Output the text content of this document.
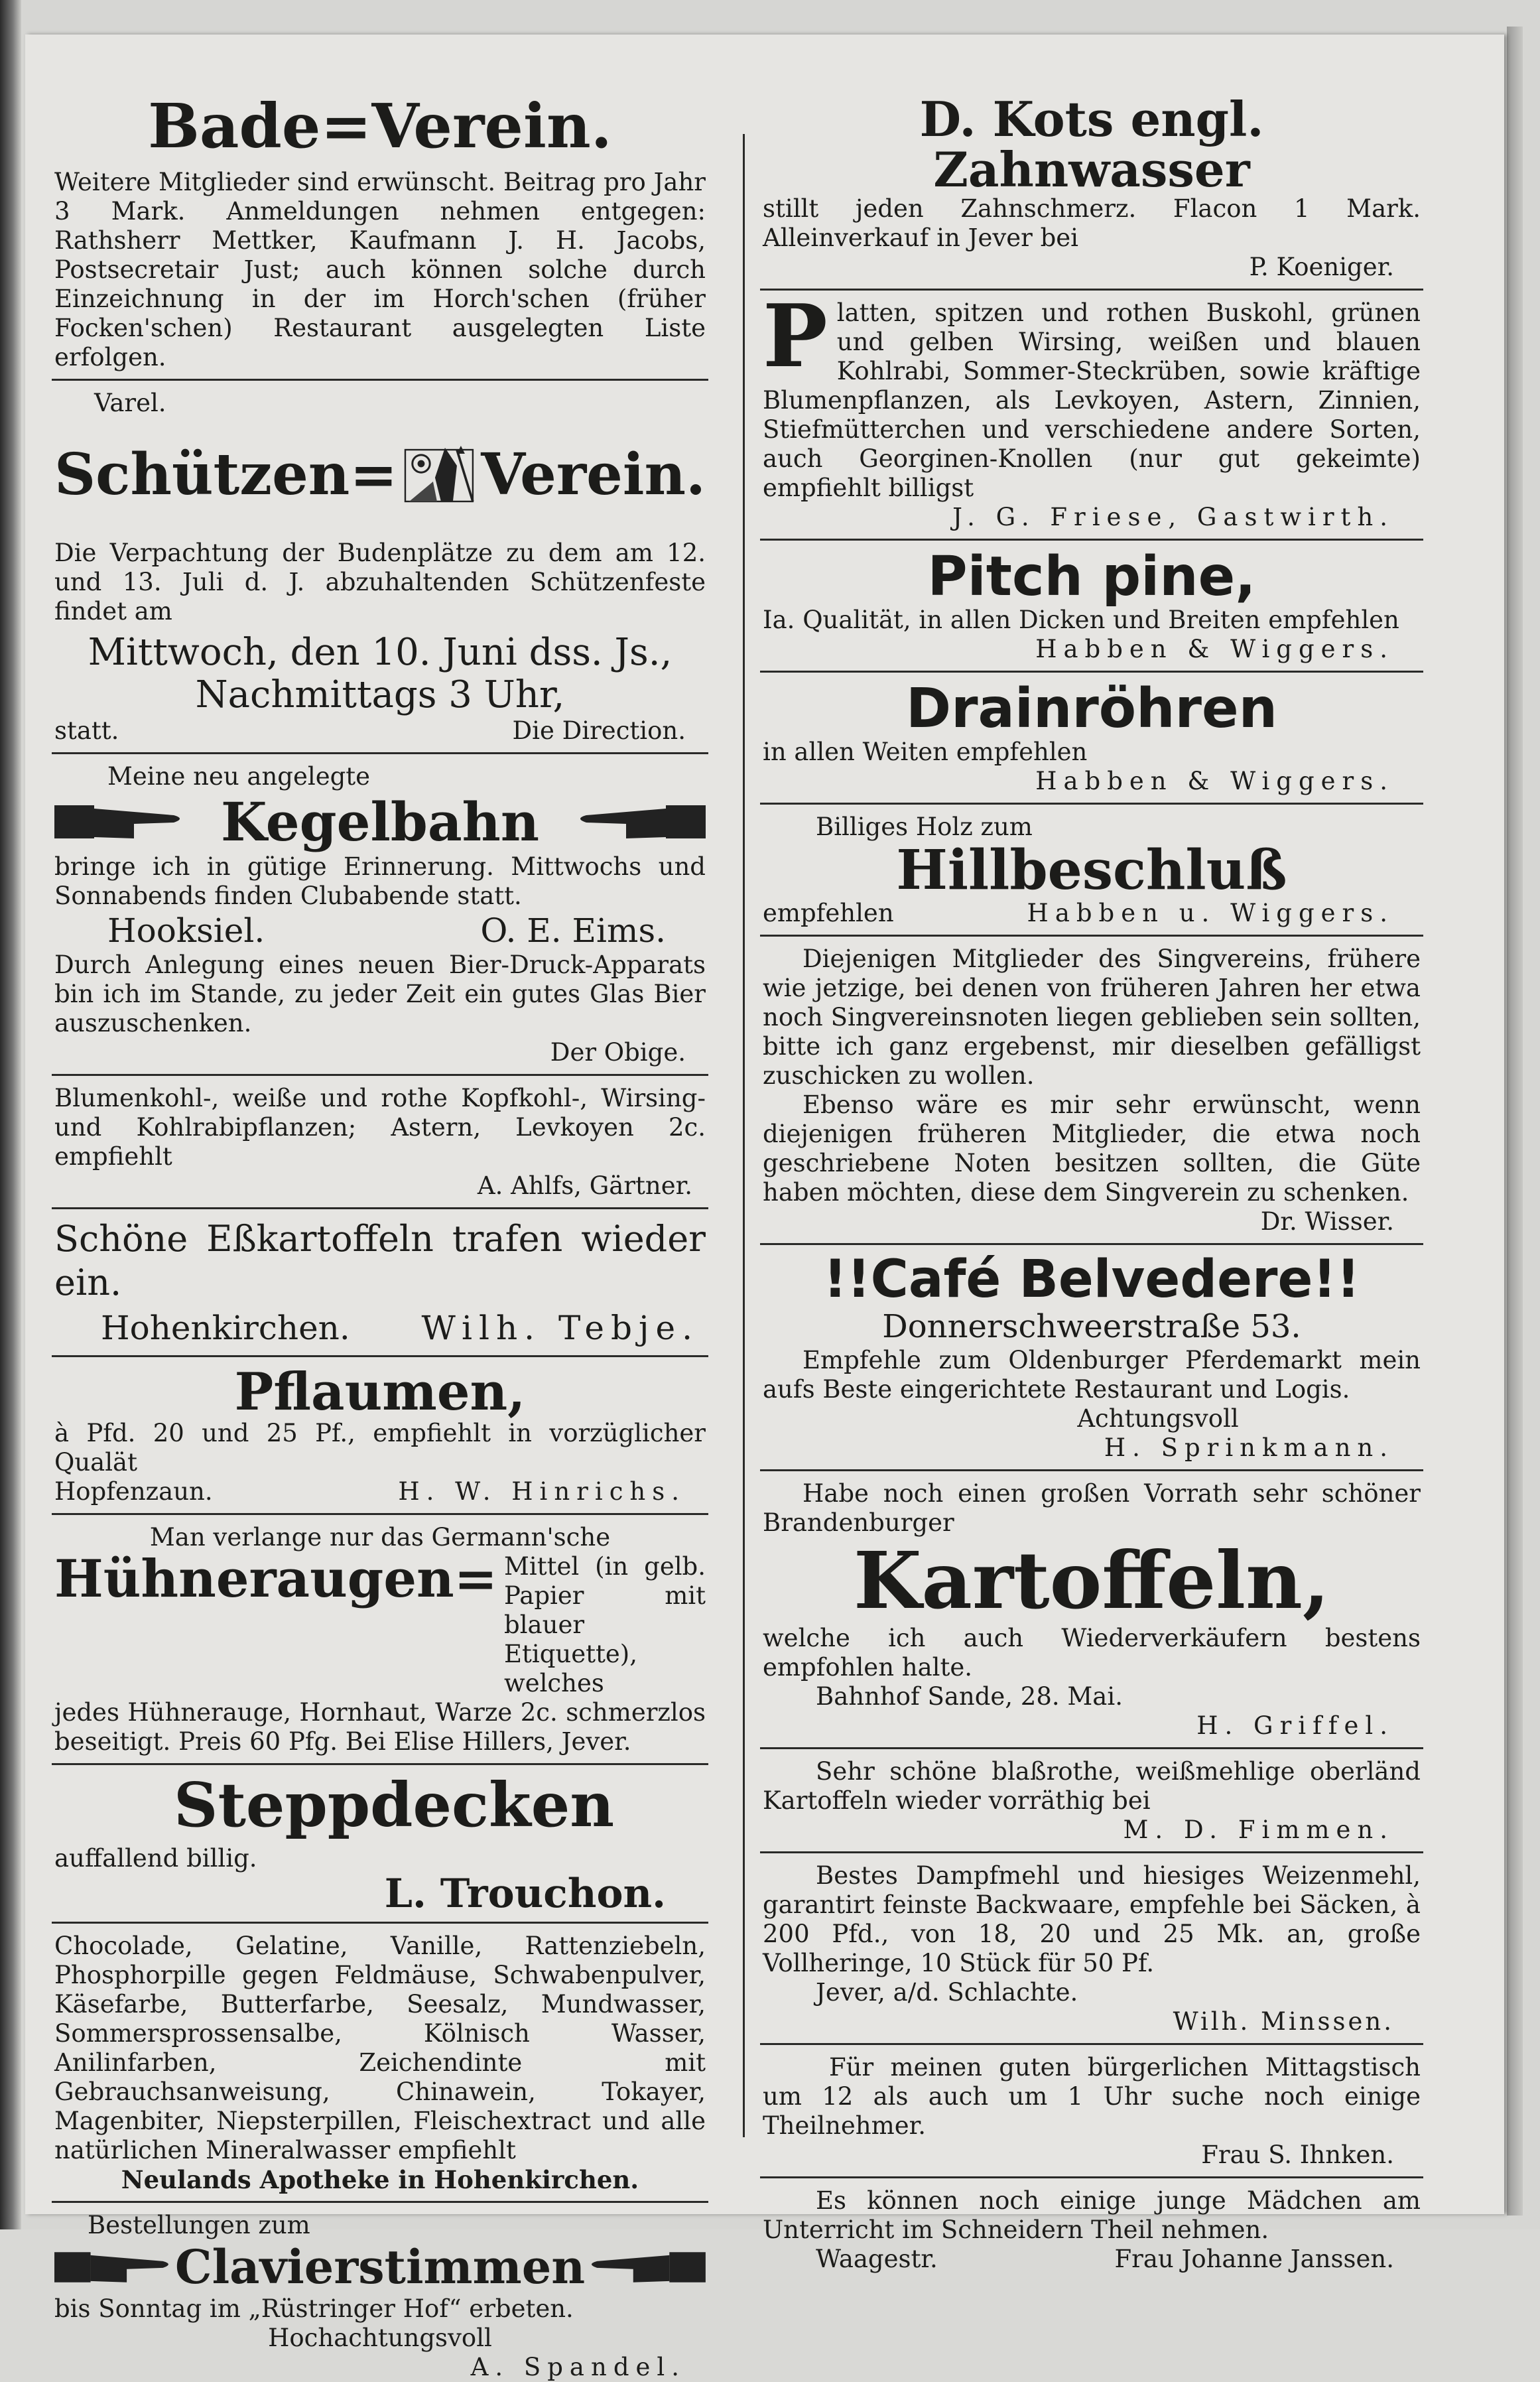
Bade=Verein.

Weitere Mitglieder sind erwünscht. Beitrag pro Jahr 3 Mark. Anmeldungen nehmen entgegen: Rathsherr Mettker, Kaufmann J. H. Jacobs, Postsecretair Just; auch können solche durch Einzeichnung in der im Horch'schen (früher Focken'schen) Restaurant ausgelegten Liste erfolgen.

Varel.
Schützen= Verein.

Die Verpachtung der Budenplätze zu dem am 12. und 13. Juli d. J. abzuhaltenden Schützenfeste findet am

Mittwoch, den 10. Juni dss. Js.,
Nachmittags 3 Uhr,
statt.	Die Direction.
Meine neu angelegte
Kegelbahn

bringe ich in gütige Erinnerung. Mittwochs und Sonnabends finden Clubabende statt.

Hooksiel.	O. E. Eims.

Durch Anlegung eines neuen Bier-Druck-Apparats bin ich im Stande, zu jeder Zeit ein gutes Glas Bier auszuschenken.

Der Obige.

Blumenkohl-, weiße und rothe Kopfkohl-, Wirsing- und Kohlrabipflanzen; Astern, Levkoyen 2c. empfiehlt

A. Ahlfs, Gärtner.
Schöne Eßkartoffeln trafen wieder ein.
Hohenkirchen. Wilh. Tebje.
Pflaumen,

à Pfd. 20 und 25 Pf., empfiehlt in vorzüglicher Qualät

Hopfenzaun.	H. W. Hinrichs.
Man verlange nur das Germann'sche
Hühneraugen= Mittel (in gelb. Papier mit blauer Etiquette), welches

jedes Hühnerauge, Hornhaut, Warze 2c. schmerzlos beseitigt. Preis 60 Pfg. Bei Elise Hillers, Jever.

Steppdecken

auffallend billig.

L. Trouchon.

Chocolade, Gelatine, Vanille, Rattenziebeln, Phosphorpille gegen Feldmäuse, Schwabenpulver, Käsefarbe, Butterfarbe, Seesalz, Mundwasser, Sommersprossensalbe, Kölnisch Wasser, Anilinfarben, Zeichendinte mit Gebrauchsanweisung, Chinawein, Tokayer, Magenbiter, Niepsterpillen, Fleischextract und alle natürlichen Mineralwasser empfiehlt

Neulands Apotheke in Hohenkirchen.
Bestellungen zum
Clavierstimmen

bis Sonntag im „Rüstringer Hof“ erbeten.

Hochachtungsvoll
A. Spandel.
D. Kots engl. Zahnwasser

stillt jeden Zahnschmerz. Flacon 1 Mark. Alleinverkauf in Jever bei

P. Koeniger.
P latten, spitzen und rothen Buskohl, grünen und gelben Wirsing, weißen und blauen Kohlrabi, Sommer-Steckrüben, sowie kräftige Blumenpflanzen, als Levkoyen, Astern, Zinnien, Stiefmütterchen und verschiedene andere Sorten, auch Georginen-Knollen (nur gut gekeimte) empfiehlt billigst

J. G. Friese, Gastwirth.
Pitch pine,

Ia. Qualität, in allen Dicken und Breiten empfehlen

Habben & Wiggers.
Drainröhren

in allen Weiten empfehlen

Habben & Wiggers.
Billiges Holz zum
Hillbeschluß
empfehlen	Habben u. Wiggers.

Diejenigen Mitglieder des Singvereins, frühere wie jetzige, bei denen von früheren Jahren her etwa noch Singvereinsnoten liegen geblieben sein sollten, bitte ich ganz ergebenst, mir dieselben gefälligst zuschicken zu wollen.

Ebenso wäre es mir sehr erwünscht, wenn diejenigen früheren Mitglieder, die etwa noch geschriebene Noten besitzen sollten, die Güte haben möchten, diese dem Singverein zu schenken.

Dr. Wisser.
!!Café Belvedere!!
Donnerschweerstraße 53.

Empfehle zum Oldenburger Pferdemarkt mein aufs Beste eingerichtete Restaurant und Logis.

Achtungsvoll
H. Sprinkmann.

Habe noch einen großen Vorrath sehr schöner Brandenburger

Kartoffeln,

welche ich auch Wiederverkäufern bestens empfohlen halte.

Bahnhof Sande, 28. Mai.
H. Griffel.

Sehr schöne blaßrothe, weißmehlige oberländ Kartoffeln wieder vorräthig bei

M. D. Fimmen.

Bestes Dampfmehl und hiesiges Weizenmehl, garantirt feinste Backwaare, empfehle bei Säcken, à 200 Pfd., von 18, 20 und 25 Mk. an, große Vollheringe, 10 Stück für 50 Pf.

Jever, a/d. Schlachte.
Wilh. Minssen.

Für meinen guten bürgerlichen Mittagstisch um 12 als auch um 1 Uhr suche noch einige Theilnehmer.

Frau S. Ihnken.

Es können noch einige junge Mädchen am Unterricht im Schneidern Theil nehmen.

Waagestr.	Frau Johanne Janssen.
